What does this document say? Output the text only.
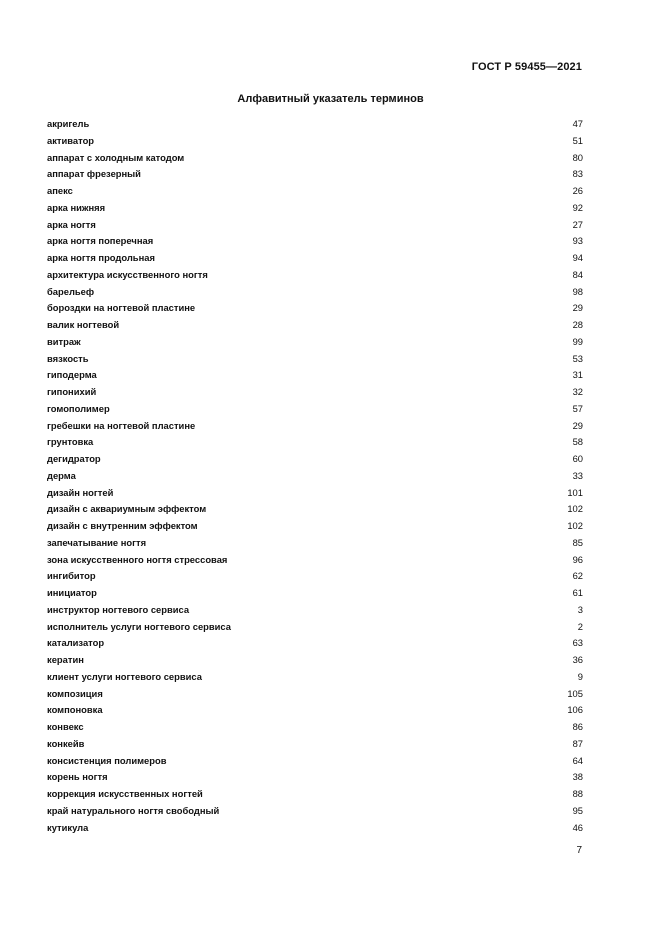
ГОСТ Р 59455—2021
Алфавитный указатель терминов
акригель	47
активатор	51
аппарат с холодным катодом	80
аппарат фрезерный	83
апекс	26
арка нижняя	92
арка ногтя	27
арка ногтя поперечная	93
арка ногтя продольная	94
архитектура искусственного ногтя	84
барельеф	98
бороздки на ногтевой пластине	29
валик ногтевой	28
витраж	99
вязкость	53
гиподерма	31
гипонихий	32
гомополимер	57
гребешки на ногтевой пластине	29
грунтовка	58
дегидратор	60
дерма	33
дизайн ногтей	101
дизайн с аквариумным эффектом	102
дизайн с внутренним эффектом	102
запечатывание ногтя	85
зона искусственного ногтя стрессовая	96
ингибитор	62
инициатор	61
инструктор ногтевого сервиса	3
исполнитель услуги ногтевого сервиса	2
катализатор	63
кератин	36
клиент услуги ногтевого сервиса	9
композиция	105
компоновка	106
конвекс	86
конкейв	87
консистенция полимеров	64
корень ногтя	38
коррекция искусственных ногтей	88
край натурального ногтя свободный	95
кутикула	46
7
